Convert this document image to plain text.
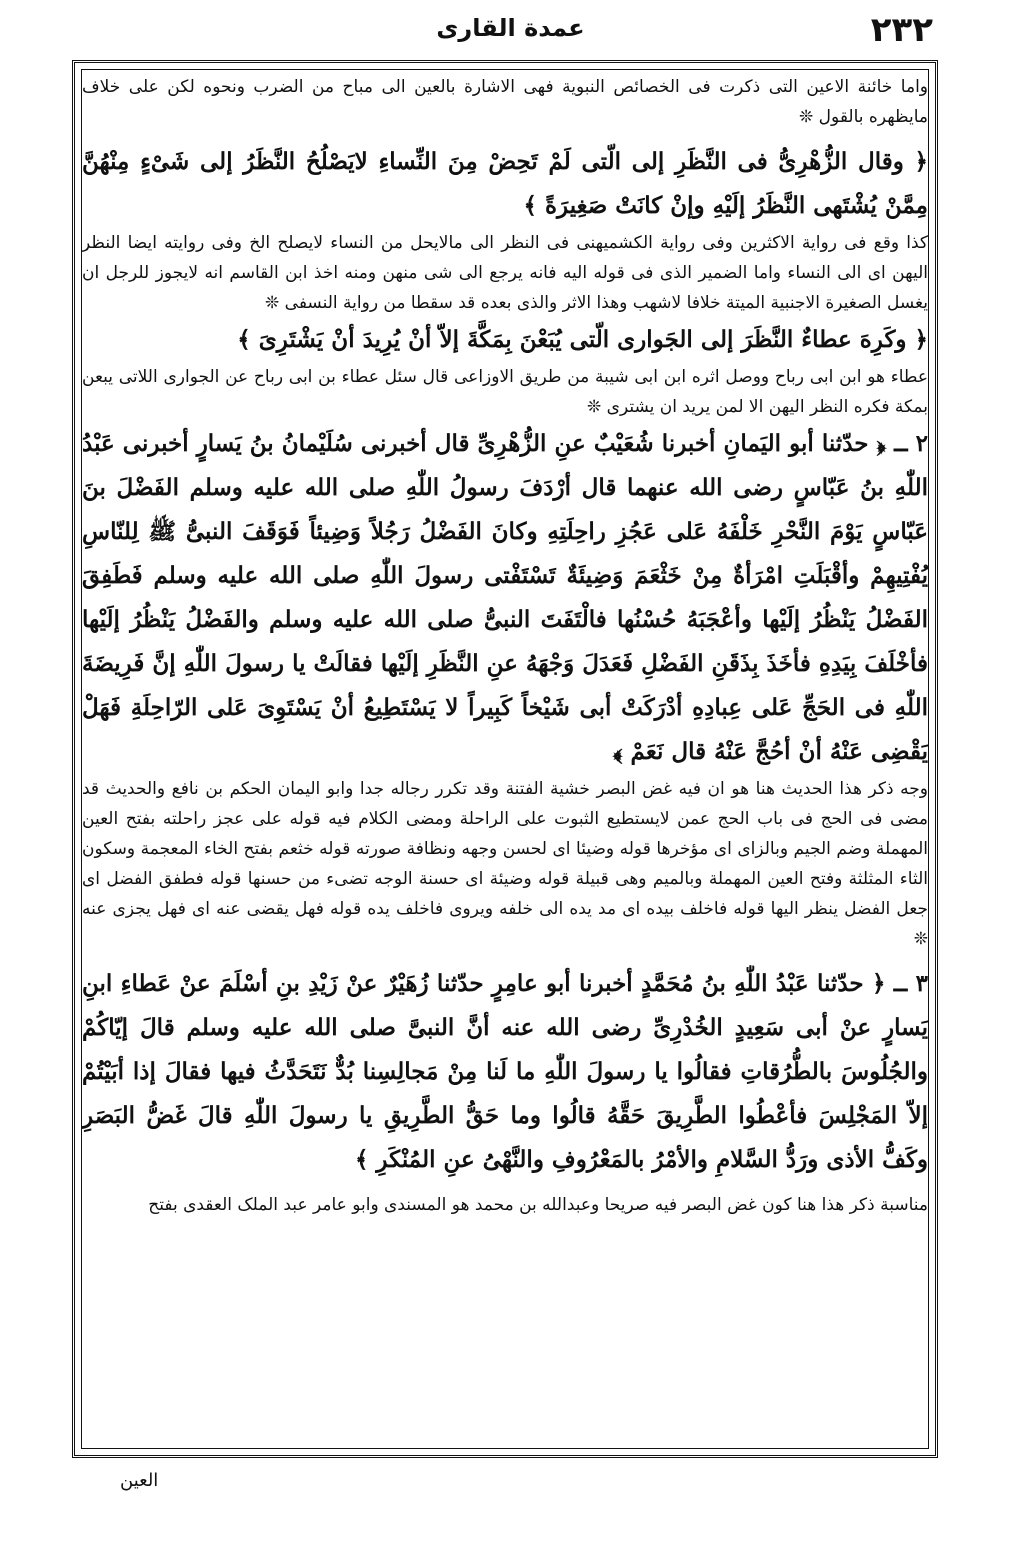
۲۳۲
عمدة القاری

واما خائنة الاعین التی ذکرت فی الخصائص النبویة فهی الاشارة بالعین الی مباح من الضرب ونحوه لکن علی خلاف مایظهره بالقول ❊

﴿ وقال الزُّهْرِیُّ فی النَّظَرِ إلی الّتی لَمْ تَحِضْ مِنَ النِّساءِ لایَصْلُحُ النَّظَرُ إلی شَیْءٍ مِنْهُنَّ مِمَّنْ یُشْتَهی النَّظَرُ إلَیْهِ وإنْ کانَتْ صَغِیرَةً ﴾

کذا وقع فی روایة الاکثرین وفی روایة الکشمیهنی فی النظر الی مالایحل من النساء لایصلح الخ وفی روایته ایضا النظر الیهن ای الی النساء واما الضمیر الذی فی قوله الیه فانه یرجع الی شی منهن ومنه اخذ ابن القاسم انه لایجوز للرجل ان یغسل الصغیرة الاجنبیة المیتة خلافا لاشهب وهذا الاثر والذی بعده قد سقطا من روایة النسفی ❊

﴿ وکَرِهَ عطاءٌ النَّظَرَ إلی الجَواری الّتی یُبَعْنَ بِمَکَّةَ إلاّ أنْ یُرِیدَ أنْ یَشْتَرِیَ ﴾

عطاء هو ابن ابی رباح ووصل اثره ابن ابی شیبة من طریق الاوزاعی قال سئل عطاء بن ابی رباح عن الجواری اللاتی یبعن بمکة فکره النظر الیهن الا لمن یرید ان یشتری ❊

۲ ــ ﴿ حدّثنا أبو الیَمانِ أخبرنا شُعَیْبٌ عنِ الزُّهْرِیِّ قال أخبرنی سُلَیْمانُ بنُ یَسارٍ أخبرنی عَبْدُ اللّٰهِ بنُ عَبّاسٍ رضی الله عنهما قال أرْدَفَ رسولُ اللّٰهِ صلی الله علیه وسلم الفَضْلَ بنَ عَبّاسٍ یَوْمَ النَّحْرِ خَلْفَهُ عَلی عَجُزِ راحِلَتِهِ وکانَ الفَضْلُ رَجُلاً وَضِیئاً فَوَقَفَ النبیُّ ﷺ لِلنّاسِ یُفْتِیهِمْ وأقْبَلَتِ امْرَأةٌ مِنْ خَثْعَمَ وَضِیئَةٌ تَسْتَفْتی رسولَ اللّٰهِ صلی الله علیه وسلم فَطَفِقَ الفَضْلُ یَنْظُرُ إلَیْها وأعْجَبَهُ حُسْنُها فالْتَفَتَ النبیُّ صلی الله علیه وسلم والفَضْلُ یَنْظُرُ إلَیْها فأخْلَفَ بِیَدِهِ فأخَذَ بِذَقَنِ الفَضْلِ فَعَدَلَ وَجْهَهُ عنِ النَّظَرِ إلَیْها فقالَتْ یا رسولَ اللّٰهِ إنَّ فَرِیضَةَ اللّٰهِ فی الحَجِّ عَلی عِبادِهِ أدْرَکَتْ أبی شَیْخاً کَبِیراً لا یَسْتَطِیعُ أنْ یَسْتَوِیَ عَلی الرّاحِلَةِ فَهَلْ یَقْضِی عَنْهُ أنْ أحُجَّ عَنْهُ قال نَعَمْ ﴾

وجه ذکر هذا الحدیث هنا هو ان فیه غض البصر خشیة الفتنة وقد تکرر رجاله جدا وابو الیمان الحکم بن نافع والحدیث قد مضی فی الحج فی باب الحج عمن لایستطیع الثبوت علی الراحلة ومضی الکلام فیه قوله علی عجز راحلته بفتح العین المهملة وضم الجیم وبالزای ای مؤخرها قوله وضیئا ای لحسن وجهه ونظافة صورته قوله خثعم بفتح الخاء المعجمة وسکون الثاء المثلثة وفتح العین المهملة وبالمیم وهی قبیلة قوله وضیئة ای حسنة الوجه تضیء من حسنها قوله فطفق الفضل ای جعل الفضل ینظر الیها قوله فاخلف بیده ای مد یده الی خلفه ویروی فاخلف یده قوله فهل یقضی عنه ای فهل یجزی عنه ❊

۳ ــ ﴿ حدّثنا عَبْدُ اللّٰهِ بنُ مُحَمَّدٍ أخبرنا أبو عامِرٍ حدّثنا زُهَیْرٌ عنْ زَیْدِ بنِ أسْلَمَ عنْ عَطاءِ ابنِ یَسارٍ عنْ أبی سَعِیدٍ الخُدْرِیِّ رضی الله عنه أنَّ النبیَّ صلی الله علیه وسلم قالَ إیّاکُمْ والجُلُوسَ بالطُّرُقاتِ فقالُوا یا رسولَ اللّٰهِ ما لَنا مِنْ مَجالِسِنا بُدٌّ نَتَحَدَّثُ فیها فقالَ إذا أبَیْتُمْ إلاّ المَجْلِسَ فأعْطُوا الطَّرِیقَ حَقَّهُ قالُوا وما حَقُّ الطَّرِیقِ یا رسولَ اللّٰهِ قالَ غَضُّ البَصَرِ وکَفُّ الأذی ورَدُّ السَّلامِ والأمْرُ بالمَعْرُوفِ والنَّهْیُ عنِ المُنْکَرِ ﴾

مناسبة ذکر هذا هنا کون غض البصر فیه صریحا وعبدالله بن محمد هو المسندی وابو عامر عبد الملک العقدی بفتح

العین
